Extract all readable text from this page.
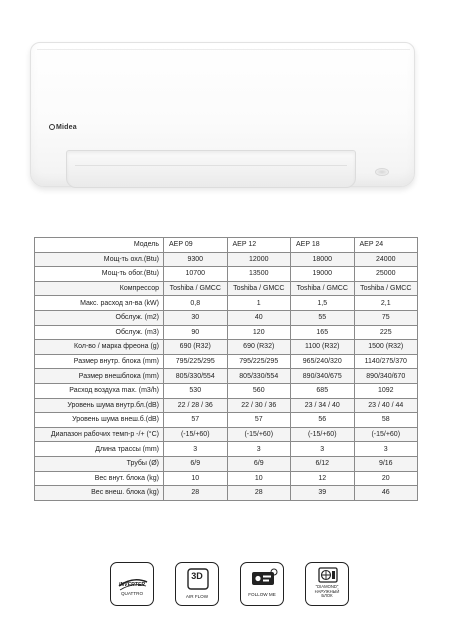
Midea
Модель	AEP 09	AEP 12	AEP 18	AEP 24
Мощ-ть охл.(Btu)	9300	12000	18000	24000
Мощ-ть обог.(Btu)	10700	13500	19000	25000
Компрессор	Toshiba / GMCC	Toshiba / GMCC	Toshiba / GMCC	Toshiba / GMCC
Макс. расход эл-ва (kW)	0,8	1	1,5	2,1
Обслуж. (m2)	30	40	55	75
Обслуж. (m3)	90	120	165	225
Кол-во / марка фреона (g)	690 (R32)	690 (R32)	1100 (R32)	1500 (R32)
Размер внутр. блока (mm)	795/225/295	795/225/295	965/240/320	1140/275/370
Размер внешблока (mm)	805/330/554	805/330/554	890/340/675	890/340/670
Расход воздуха max. (m3/h)	530	560	685	1092
Уровень шума внутр.бл.(dB)	22 / 28 / 36	22 / 30 / 36	23 / 34 / 40	23 / 40 / 44
Уровень шума внеш.б.(dB)	57	57	56	58
Диапазон рабочих темп-р -/+ (°C)	(-15/+60)	(-15/+60)	(-15/+60)	(-15/+60)
Длина трассы (mm)	3	3	3	3
Трубы (Ø)	6/9	6/9	6/12	9/16
Вес внут. блока (kg)	10	10	12	20
Вес внеш. блока (kg)	28	28	39	46
INVERTER
QUATTRO
3D
AIR FLOW	FOLLOW ME
"DIAMOND" НАРУЖНЫЙ БЛОК
